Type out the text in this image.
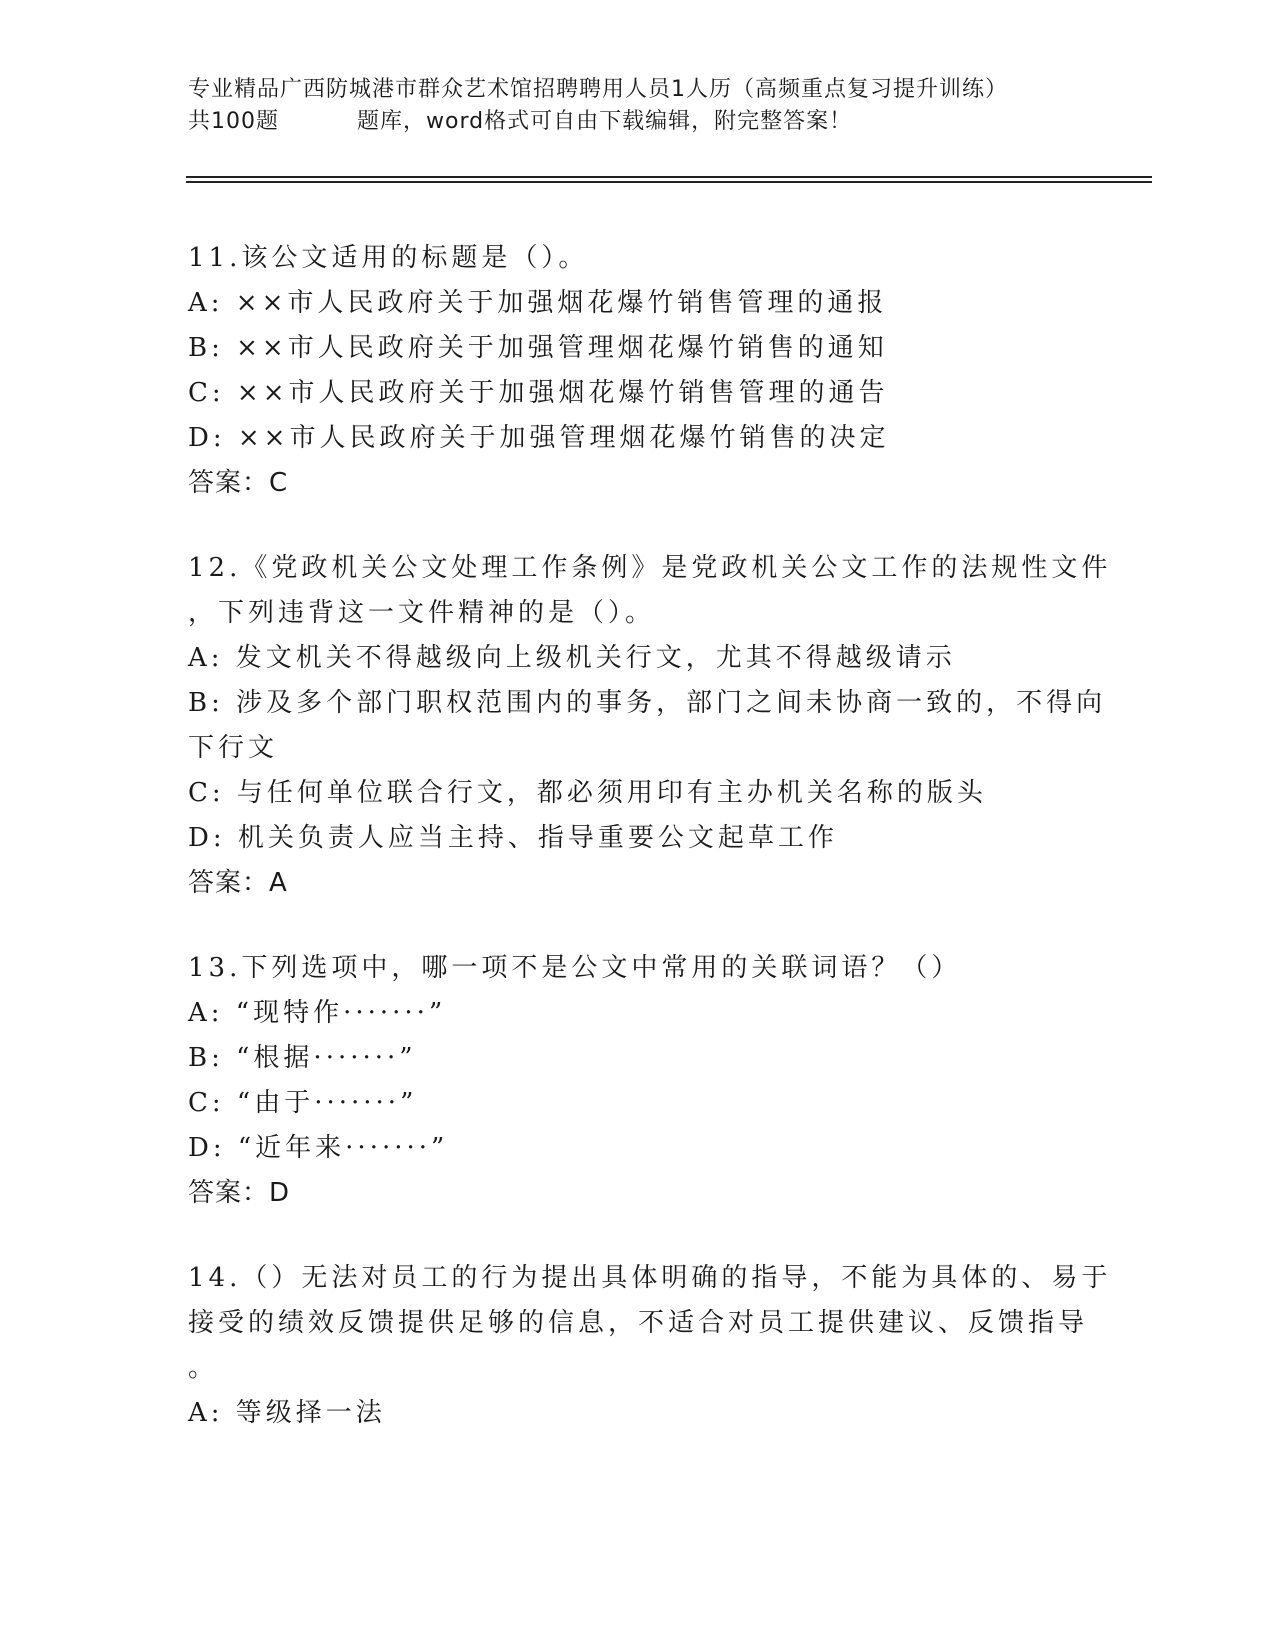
专业精品广西防城港市群众艺术馆招聘聘用人员1人历（高频重点复习提升训练）
共100题	题库，word格式可自由下载编辑，附完整答案！
11.该公文适用的标题是（）。
A: ××市人民政府关于加强烟花爆竹销售管理的通报
B: ××市人民政府关于加强管理烟花爆竹销售的通知
C: ××市人民政府关于加强烟花爆竹销售管理的通告
D: ××市人民政府关于加强管理烟花爆竹销售的决定
答案：C
12.《党政机关公文处理工作条例》是党政机关公文工作的法规性文件
，下列违背这一文件精神的是（）。
A: 发文机关不得越级向上级机关行文，尤其不得越级请示
B: 涉及多个部门职权范围内的事务，部门之间未协商一致的，不得向
下行文
C: 与任何单位联合行文，都必须用印有主办机关名称的版头
D: 机关负责人应当主持、指导重要公文起草工作
答案：A
13.下列选项中，哪一项不是公文中常用的关联词语？（）
A: “现特作·······”
B: “根据·······”
C: “由于·······”
D: “近年来·······”
答案：D
14.（）无法对员工的行为提出具体明确的指导，不能为具体的、易于
接受的绩效反馈提供足够的信息，不适合对员工提供建议、反馈指导
。
A: 等级择一法
